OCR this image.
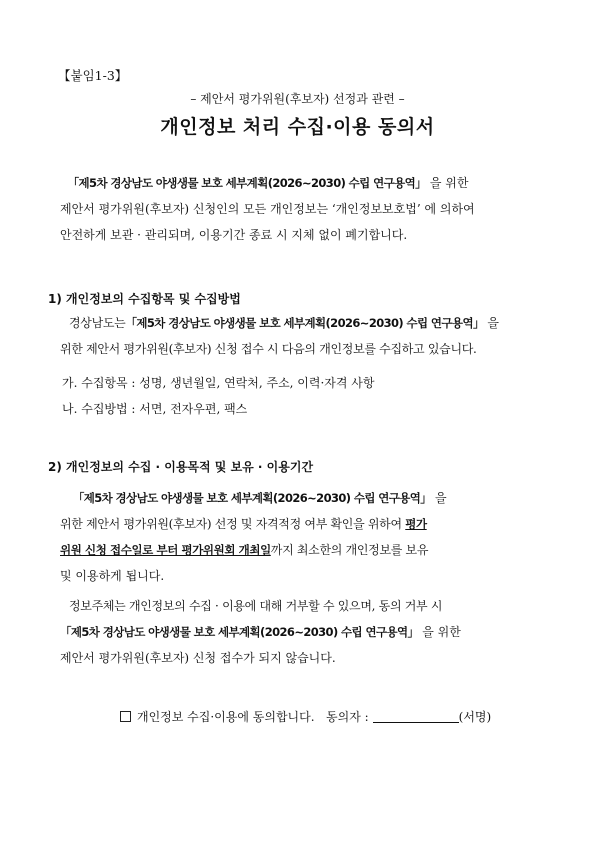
【붙임1-3】
– 제안서 평가위원(후보자) 선정과 관련 –
개인정보 처리 수집·이용 동의서
「제5차 경상남도 야생생물 보호 세부계획(2026~2030) 수립 연구용역」 을 위한
제안서 평가위원(후보자) 신청인의 모든 개인정보는 ‘개인정보보호법’ 에 의하여
안전하게 보관 · 관리되며, 이용기간 종료 시 지체 없이 폐기합니다.
1) 개인정보의 수집항목 및 수집방법
경상남도는「제5차 경상남도 야생생물 보호 세부계획(2026~2030) 수립 연구용역」 을
위한 제안서 평가위원(후보자) 신청 접수 시 다음의 개인정보를 수집하고 있습니다.
가. 수집항목 : 성명, 생년월일, 연락처, 주소, 이력·자격 사항
나. 수집방법 : 서면, 전자우편, 팩스
2) 개인정보의 수집 · 이용목적 및 보유 · 이용기간
「제5차 경상남도 야생생물 보호 세부계획(2026~2030) 수립 연구용역」 을
위한 제안서 평가위원(후보자) 선정 및 자격적정 여부 확인을 위하여 평가
위원 신청 접수일로 부터 평가위원회 개최일까지 최소한의 개인정보를 보유
및 이용하게 됩니다.
정보주체는 개인정보의 수집 · 이용에 대해 거부할 수 있으며, 동의 거부 시
「제5차 경상남도 야생생물 보호 세부계획(2026~2030) 수립 연구용역」 을 위한
제안서 평가위원(후보자) 신청 접수가 되지 않습니다.
개인정보 수집·이용에 동의합니다. 동의자 :	(서명)
